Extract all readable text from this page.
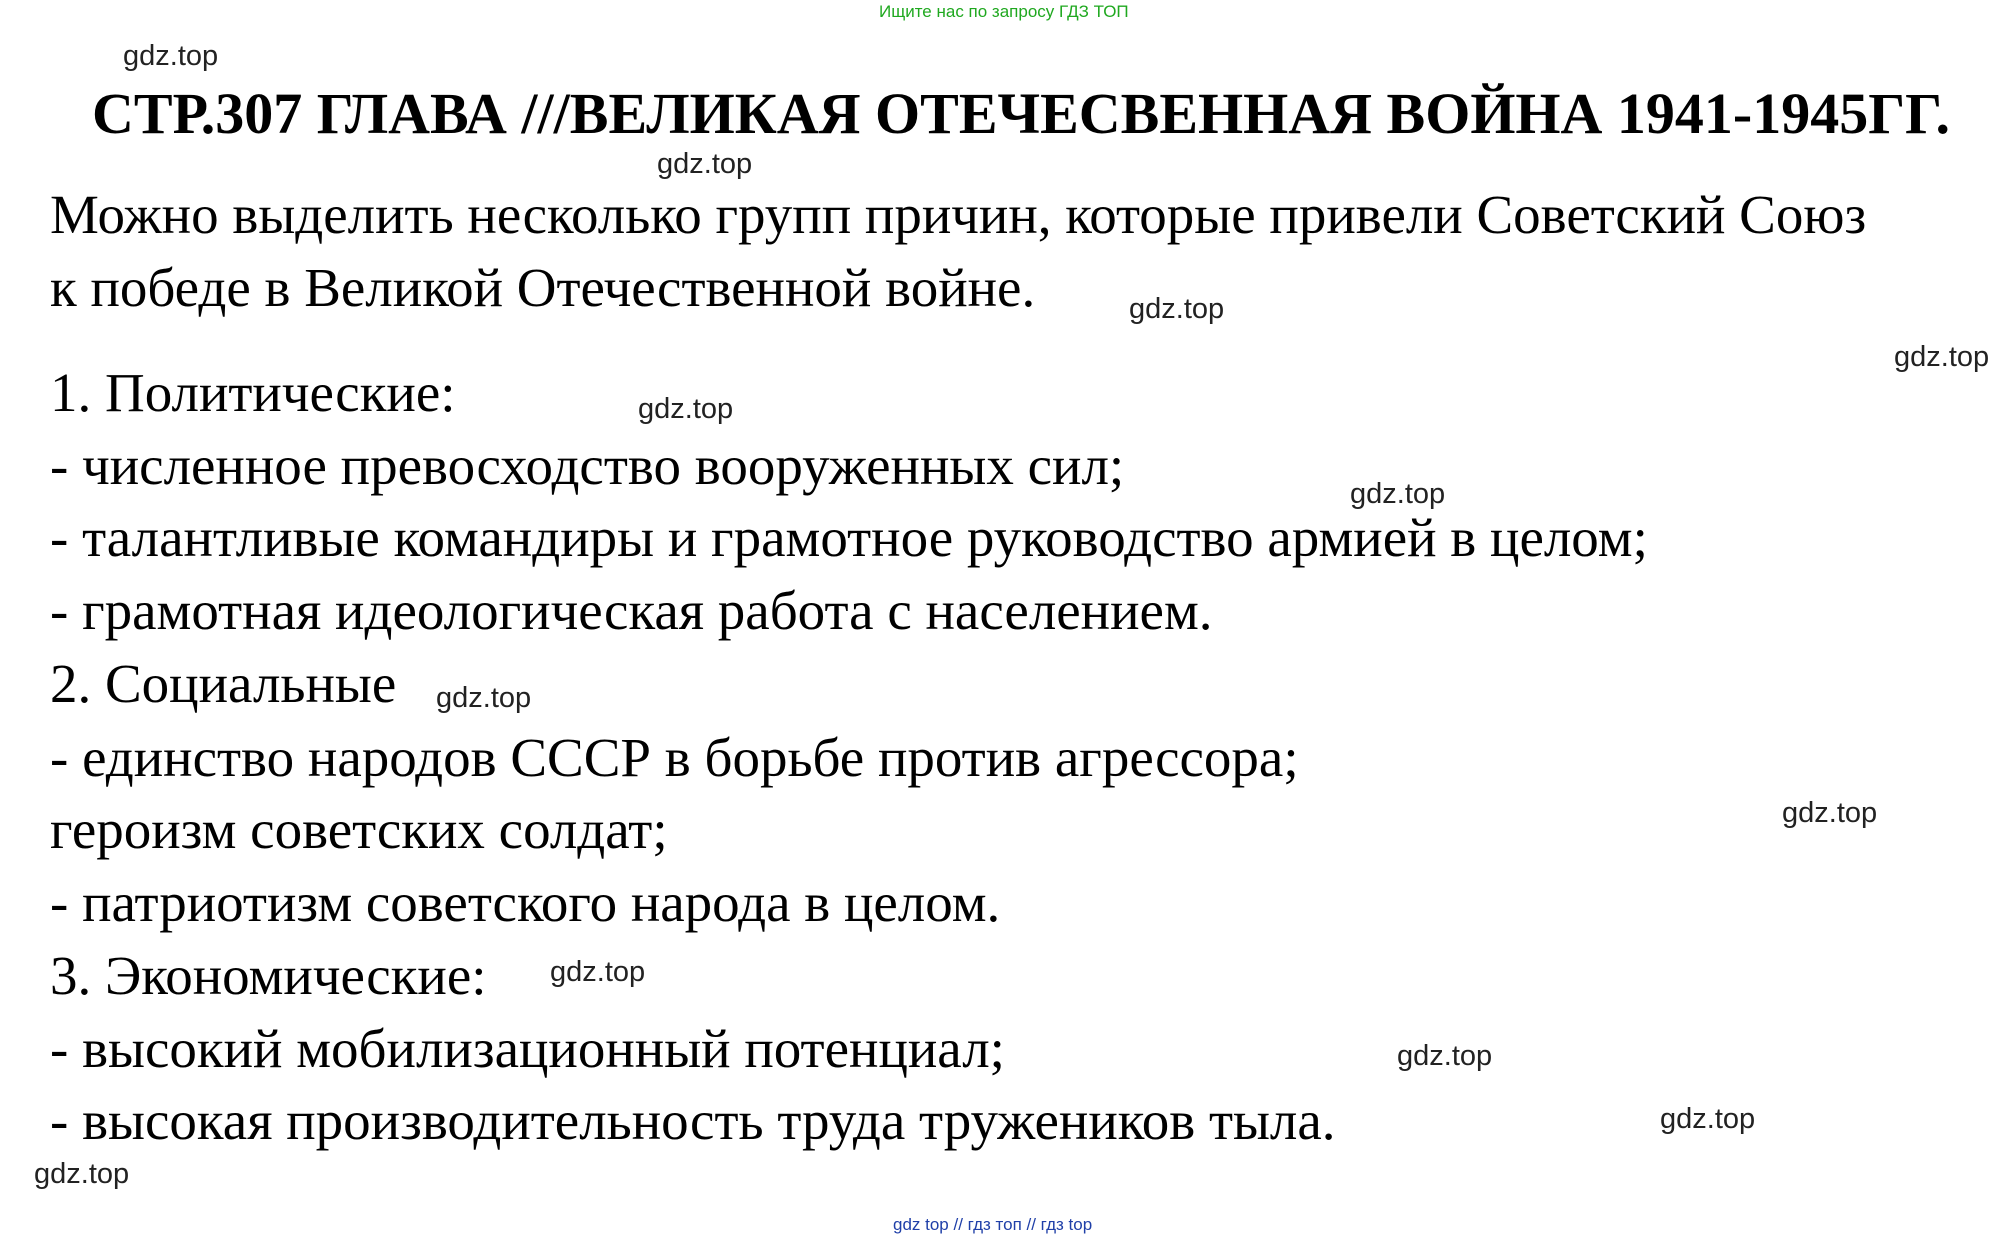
Ищите нас по запросу ГДЗ ТОП
СТР.307 ГЛАВА ///ВЕЛИКАЯ ОТЕЧЕСВЕННАЯ ВОЙНА 1941-1945ГГ.
Можно выделить несколько групп причин, которые привели Советский Союз
к победе в Великой Отечественной войне.
1. Политические:
- численное превосходство вооруженных сил;
- талантливые командиры и грамотное руководство армией в целом;
- грамотная идеологическая работа с населением.
2. Социальные
- единство народов СССР в борьбе против агрессора;
героизм советских солдат;
- патриотизм советского народа в целом.
3. Экономические:
- высокий мобилизационный потенциал;
- высокая производительность труда тружеников тыла.
gdz.top
gdz.top
gdz.top
gdz.top
gdz.top
gdz.top
gdz.top
gdz.top
gdz.top
gdz.top
gdz.top
gdz.top
gdz top // гдз топ // гдз top
